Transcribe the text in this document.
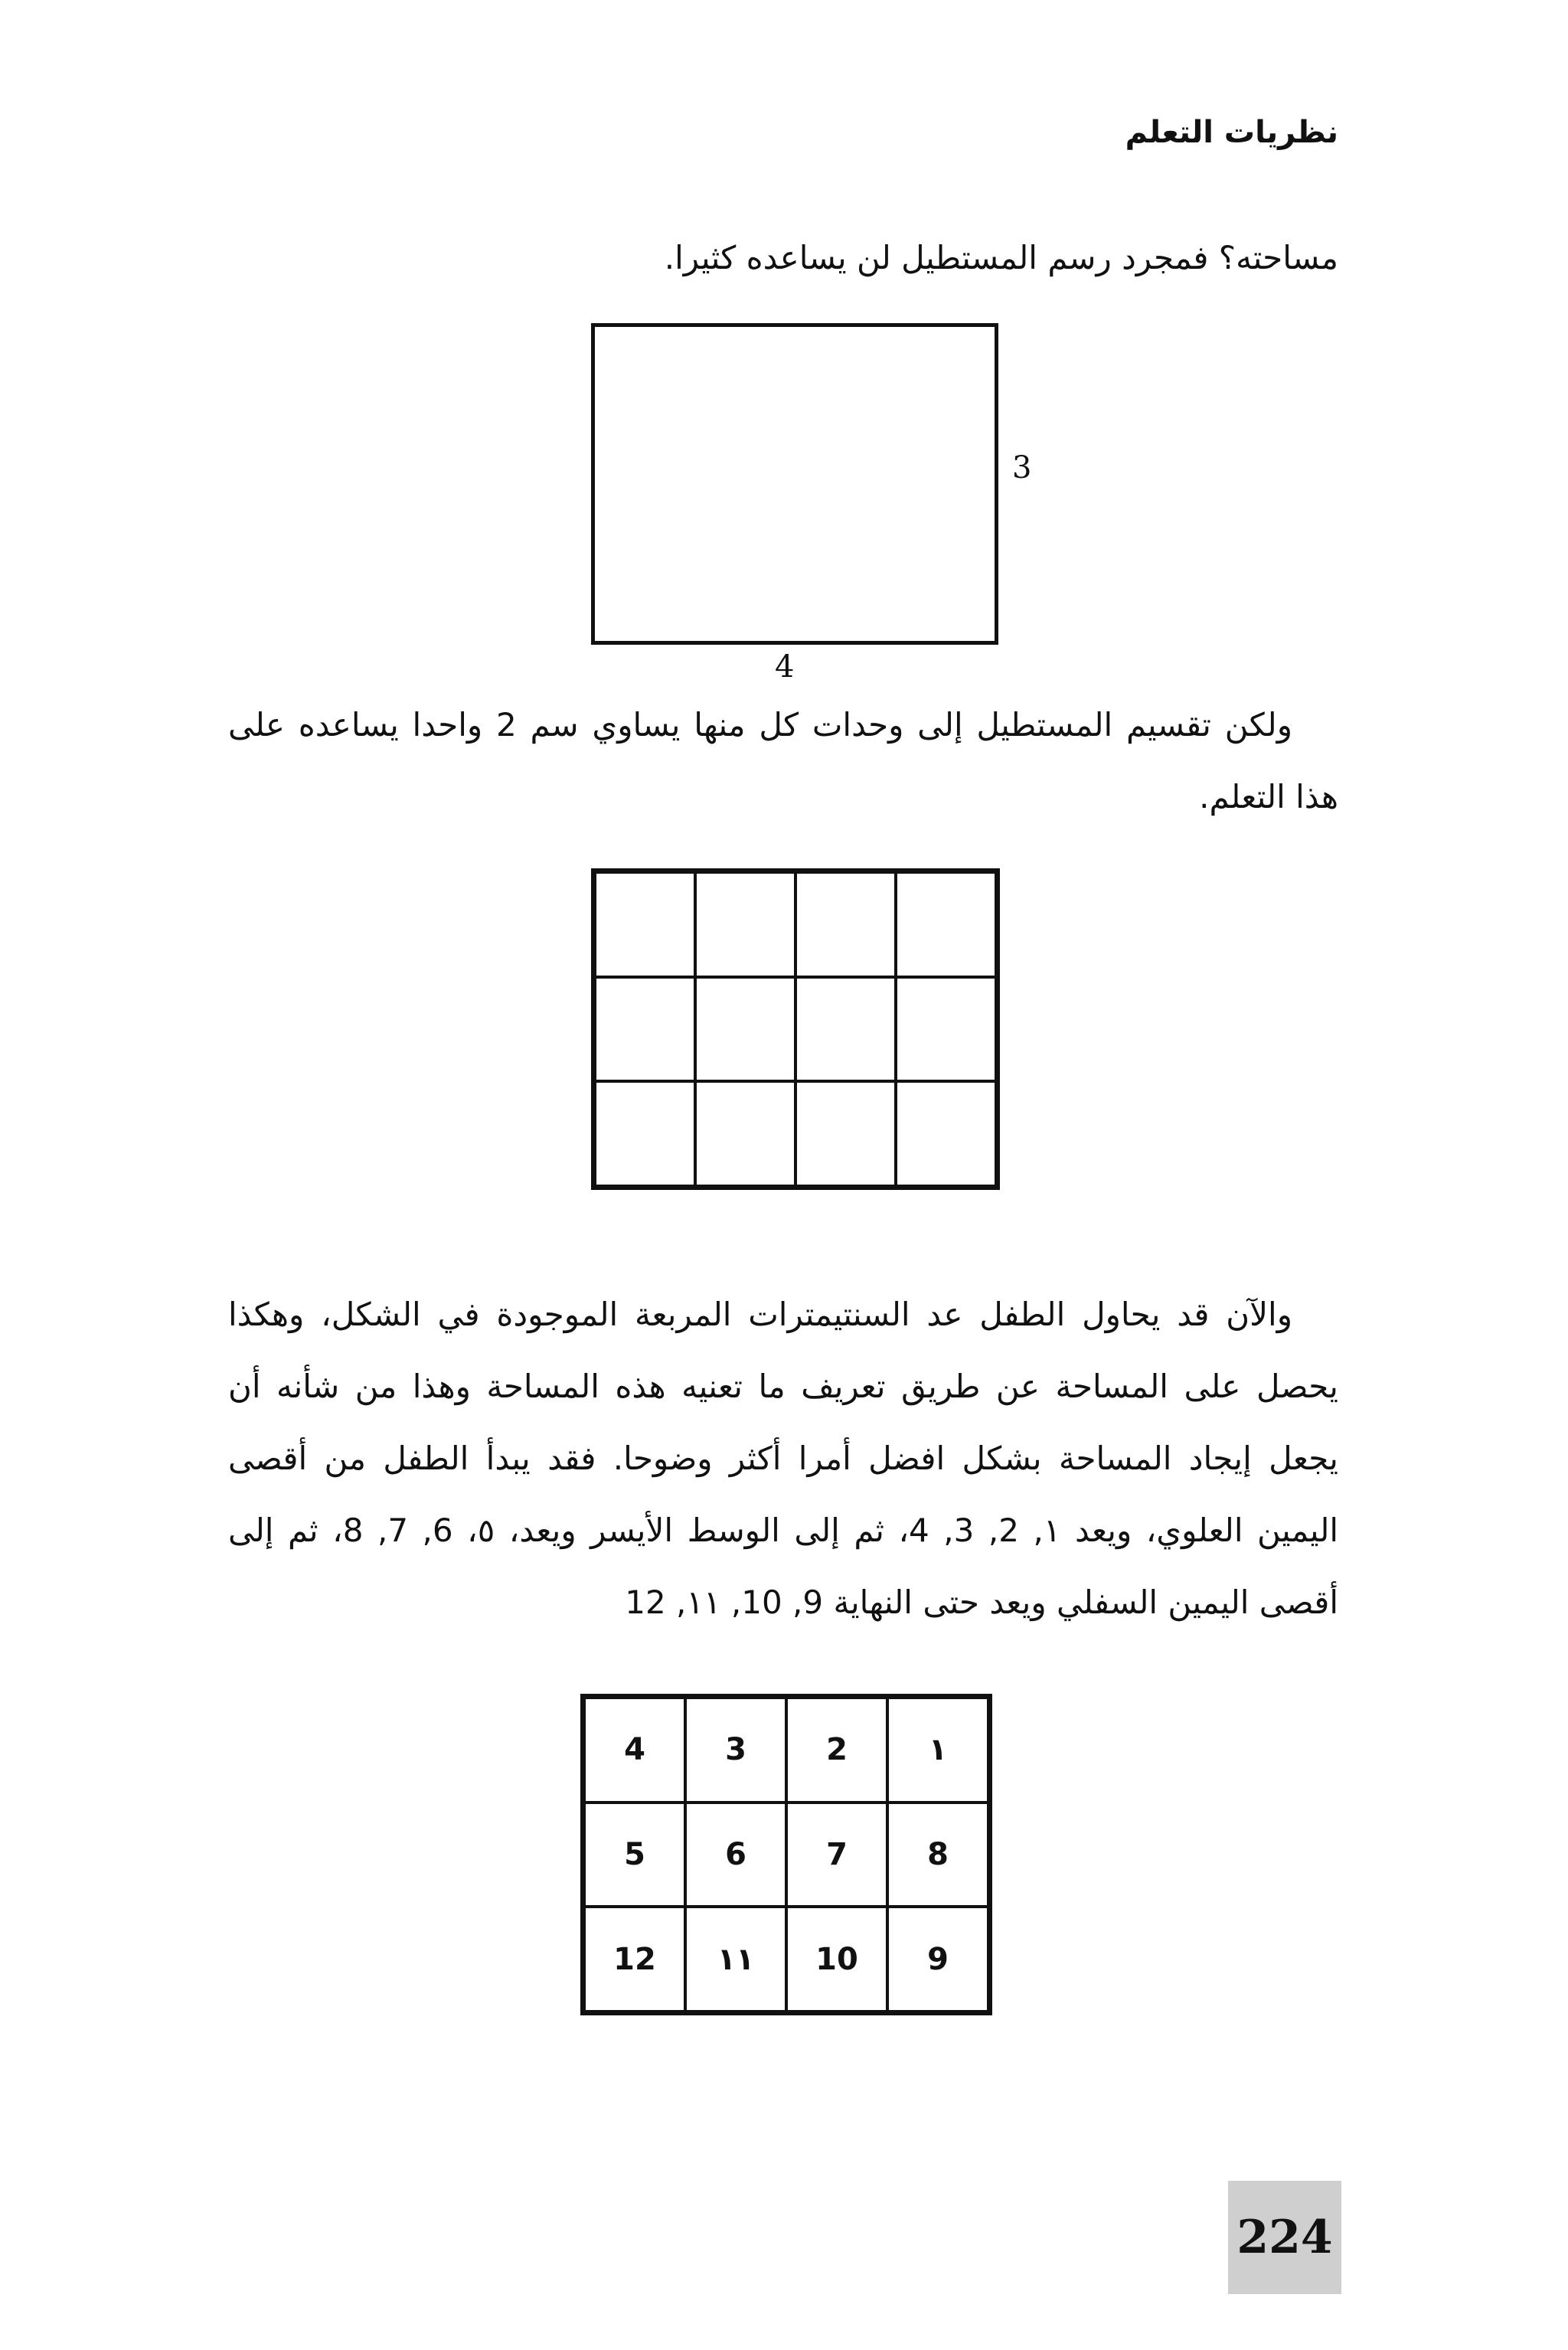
نظريات التعلم
مساحته؟ فمجرد رسم المستطيل لن يساعده كثيرا.
3
4
ولكن تقسيم المستطيل إلى وحدات كل منها يساوي سم 2 واحدا يساعده على هذا التعلم.
والآن قد يحاول الطفل عد السنتيمترات المربعة الموجودة في الشكل، وهكذا يحصل على المساحة عن طريق تعريف ما تعنيه هذه المساحة وهذا من شأنه أن يجعل إيجاد المساحة بشكل افضل أمرا أكثر وضوحا. فقد يبدأ الطفل من أقصى اليمين العلوي، ويعد ١, 2, 3, 4، ثم إلى الوسط الأيسر ويعد، ٥، 6, 7, 8، ثم إلى أقصى اليمين السفلي ويعد حتى النهاية 9, 10, ١١, 12
١
2
3
4
8
7
6
5
9
10
١١
12
224
